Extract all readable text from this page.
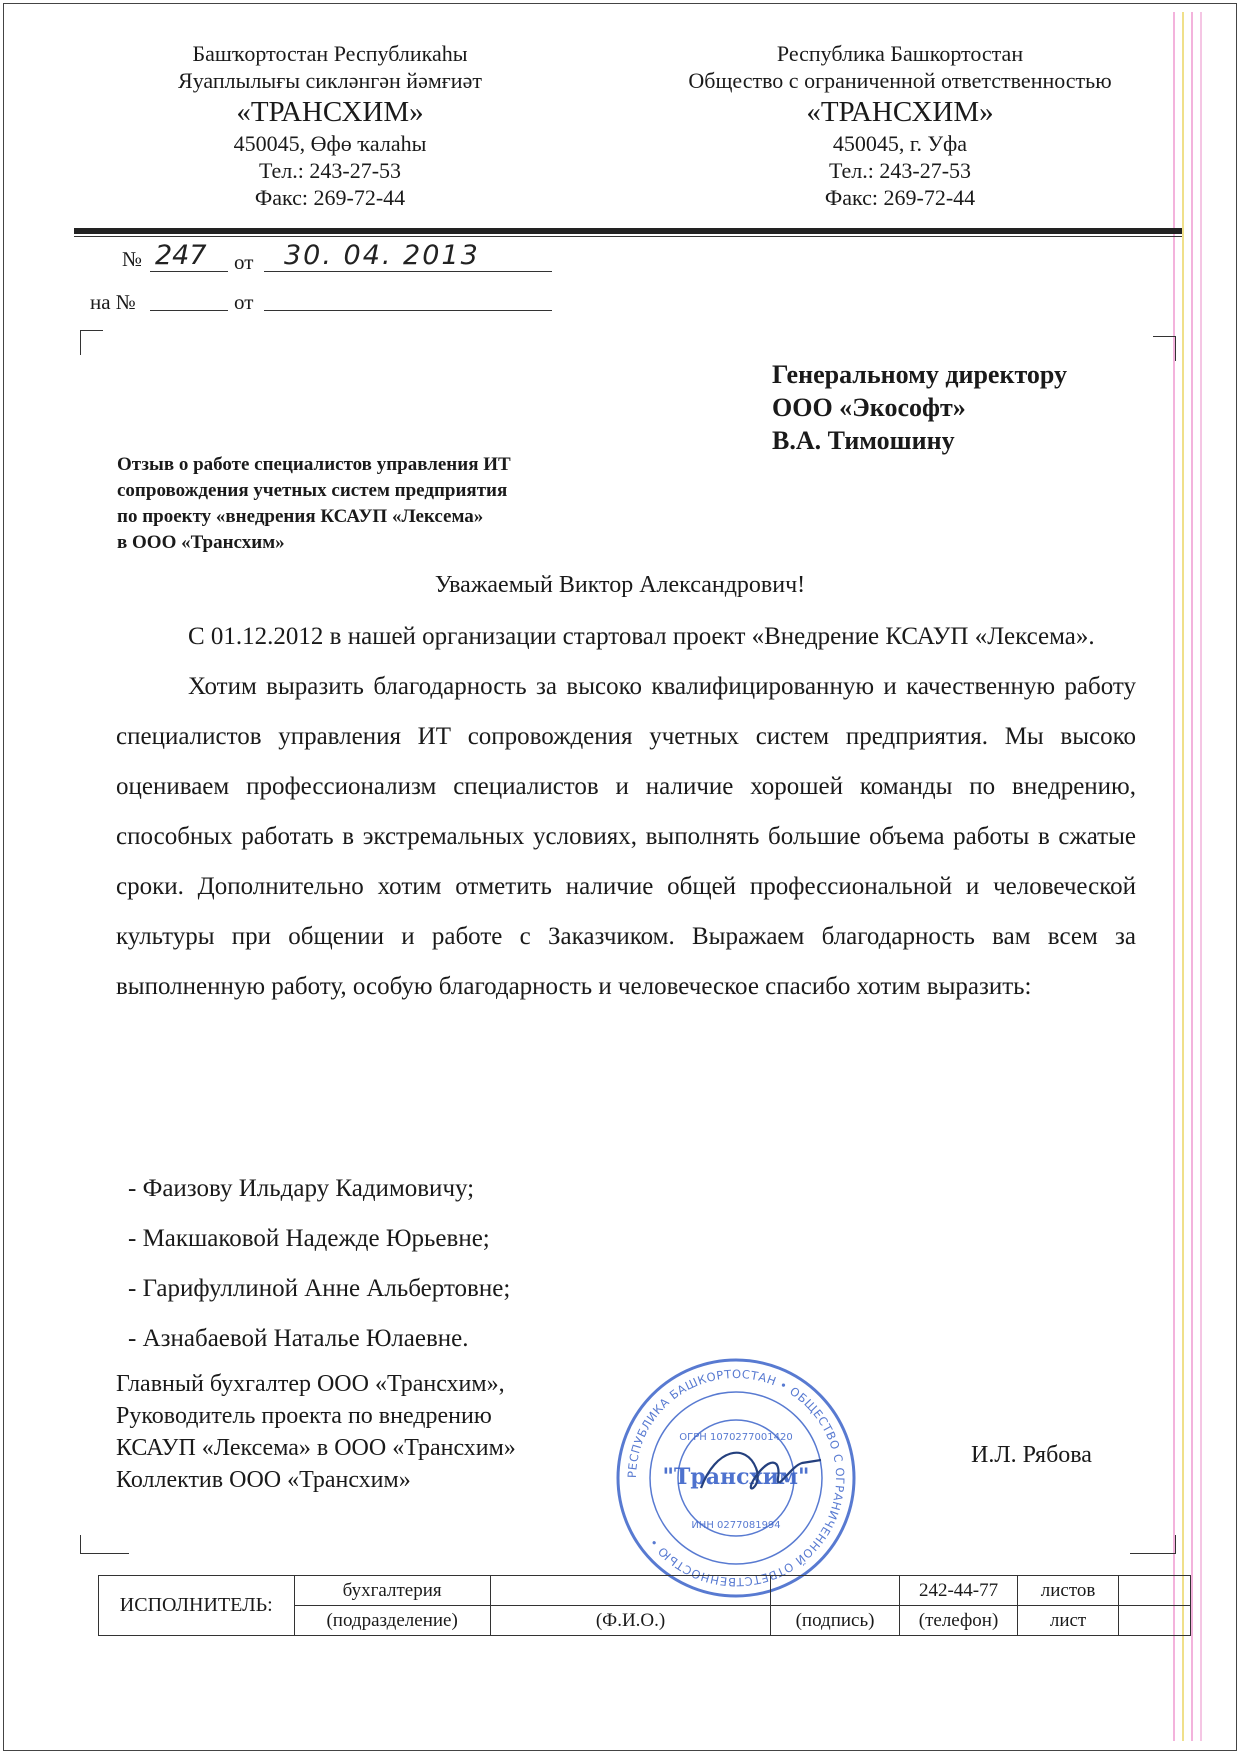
Башҡортостан Республикаһы
Яуаплылығы сикләнгән йәмғиәт
«ТРАНСХИМ»
450045, Өфө ҡалаһы
Тел.: 243-27-53
Факс: 269-72-44
Республика Башкортостан
Общество с ограниченной ответственностью
«ТРАНСХИМ»
450045, г. Уфа
Тел.: 243-27-53
Факс: 269-72-44
№ 247 от 30. 04. 2013
на №	от
Генеральному директору
ООО «Экософт»
В.А. Тимошину
Отзыв о работе специалистов управления ИТ
сопровождения учетных систем предприятия
по проекту «внедрения КСАУП «Лексема»
в ООО «Трансхим»
Уважаемый Виктор Александрович!

С 01.12.2012 в нашей организации стартовал проект «Внедрение КСАУП «Лексема».

Хотим выразить благодарность за высоко квалифицированную и качественную работу специалистов управления ИТ сопровождения учетных систем предприятия. Мы высоко оцениваем профессионализм специалистов и наличие хорошей команды по внедрению, способных работать в экстремальных условиях, выполнять большие объема работы в сжатые сроки. Дополнительно хотим отметить наличие общей профессиональной и человеческой культуры при общении и работе с Заказчиком. Выражаем благодарность вам всем за выполненную работу, особую благодарность и человеческое спасибо хотим выразить:

- Фаизову Ильдару Кадимовичу;
- Макшаковой Надежде Юрьевне;
- Гарифуллиной Анне Альбертовне;
- Азнабаевой Наталье Юлаевне.
Главный бухгалтер ООО «Трансхим»,
Руководитель проекта по внедрению
КСАУП «Лексема» в ООО «Трансхим»
Коллектив ООО «Трансхим»
И.Л. Рябова
РЕСПУБЛИКА БАШКОРТОСТАН • ОБЩЕСТВО С ОГРАНИЧЕННОЙ ОТВЕТСТВЕННОСТЬЮ •
ОГРН 1070277001420
"Трансхим"
ИНН 0277081994
ИСПОЛНИТЕЛЬ:	бухгалтерия			242-44-77	листов	
	(подразделение)	(Ф.И.О.)	(подпись)	(телефон)	лист	
